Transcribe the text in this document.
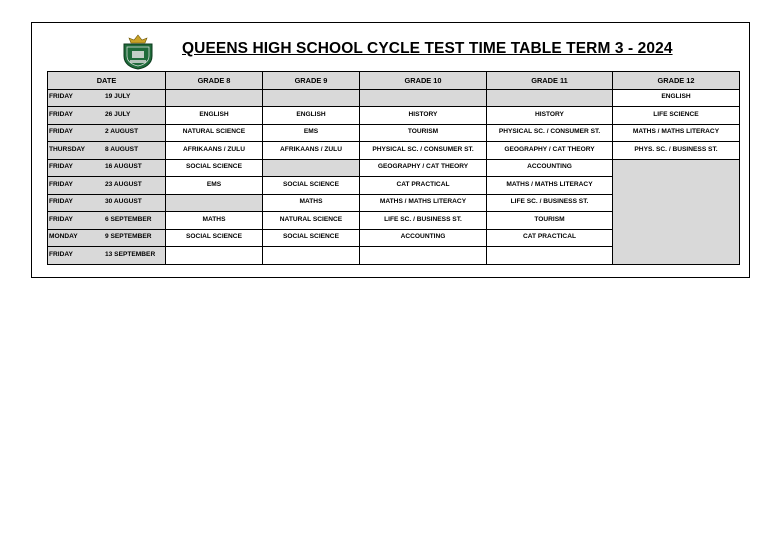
QUEENS HIGH SCHOOL CYCLE TEST TIME TABLE TERM 3 - 2024
DATE	GRADE 8	GRADE 9	GRADE 10	GRADE 11	GRADE 12
FRIDAY 19 JULY					ENGLISH
FRIDAY 26 JULY	ENGLISH	ENGLISH	HISTORY	HISTORY	LIFE SCIENCE
FRIDAY 2 AUGUST	NATURAL SCIENCE	EMS	TOURISM	PHYSICAL SC. / CONSUMER ST.	MATHS / MATHS LITERACY
THURSDAY 8 AUGUST	AFRIKAANS / ZULU	AFRIKAANS / ZULU	PHYSICAL SC. / CONSUMER ST.	GEOGRAPHY / CAT THEORY	PHYS. SC. / BUSINESS ST.
FRIDAY 16 AUGUST	SOCIAL SCIENCE		GEOGRAPHY / CAT THEORY	ACCOUNTING	
FRIDAY 23 AUGUST	EMS	SOCIAL SCIENCE	CAT PRACTICAL	MATHS / MATHS LITERACY	
FRIDAY 30 AUGUST		MATHS	MATHS / MATHS LITERACY	LIFE SC. / BUSINESS ST.	
FRIDAY 6 SEPTEMBER	MATHS	NATURAL SCIENCE	LIFE SC. / BUSINESS ST.	TOURISM	
MONDAY 9 SEPTEMBER	SOCIAL SCIENCE	SOCIAL SCIENCE	ACCOUNTING	CAT PRACTICAL	
FRIDAY 13 SEPTEMBER					
